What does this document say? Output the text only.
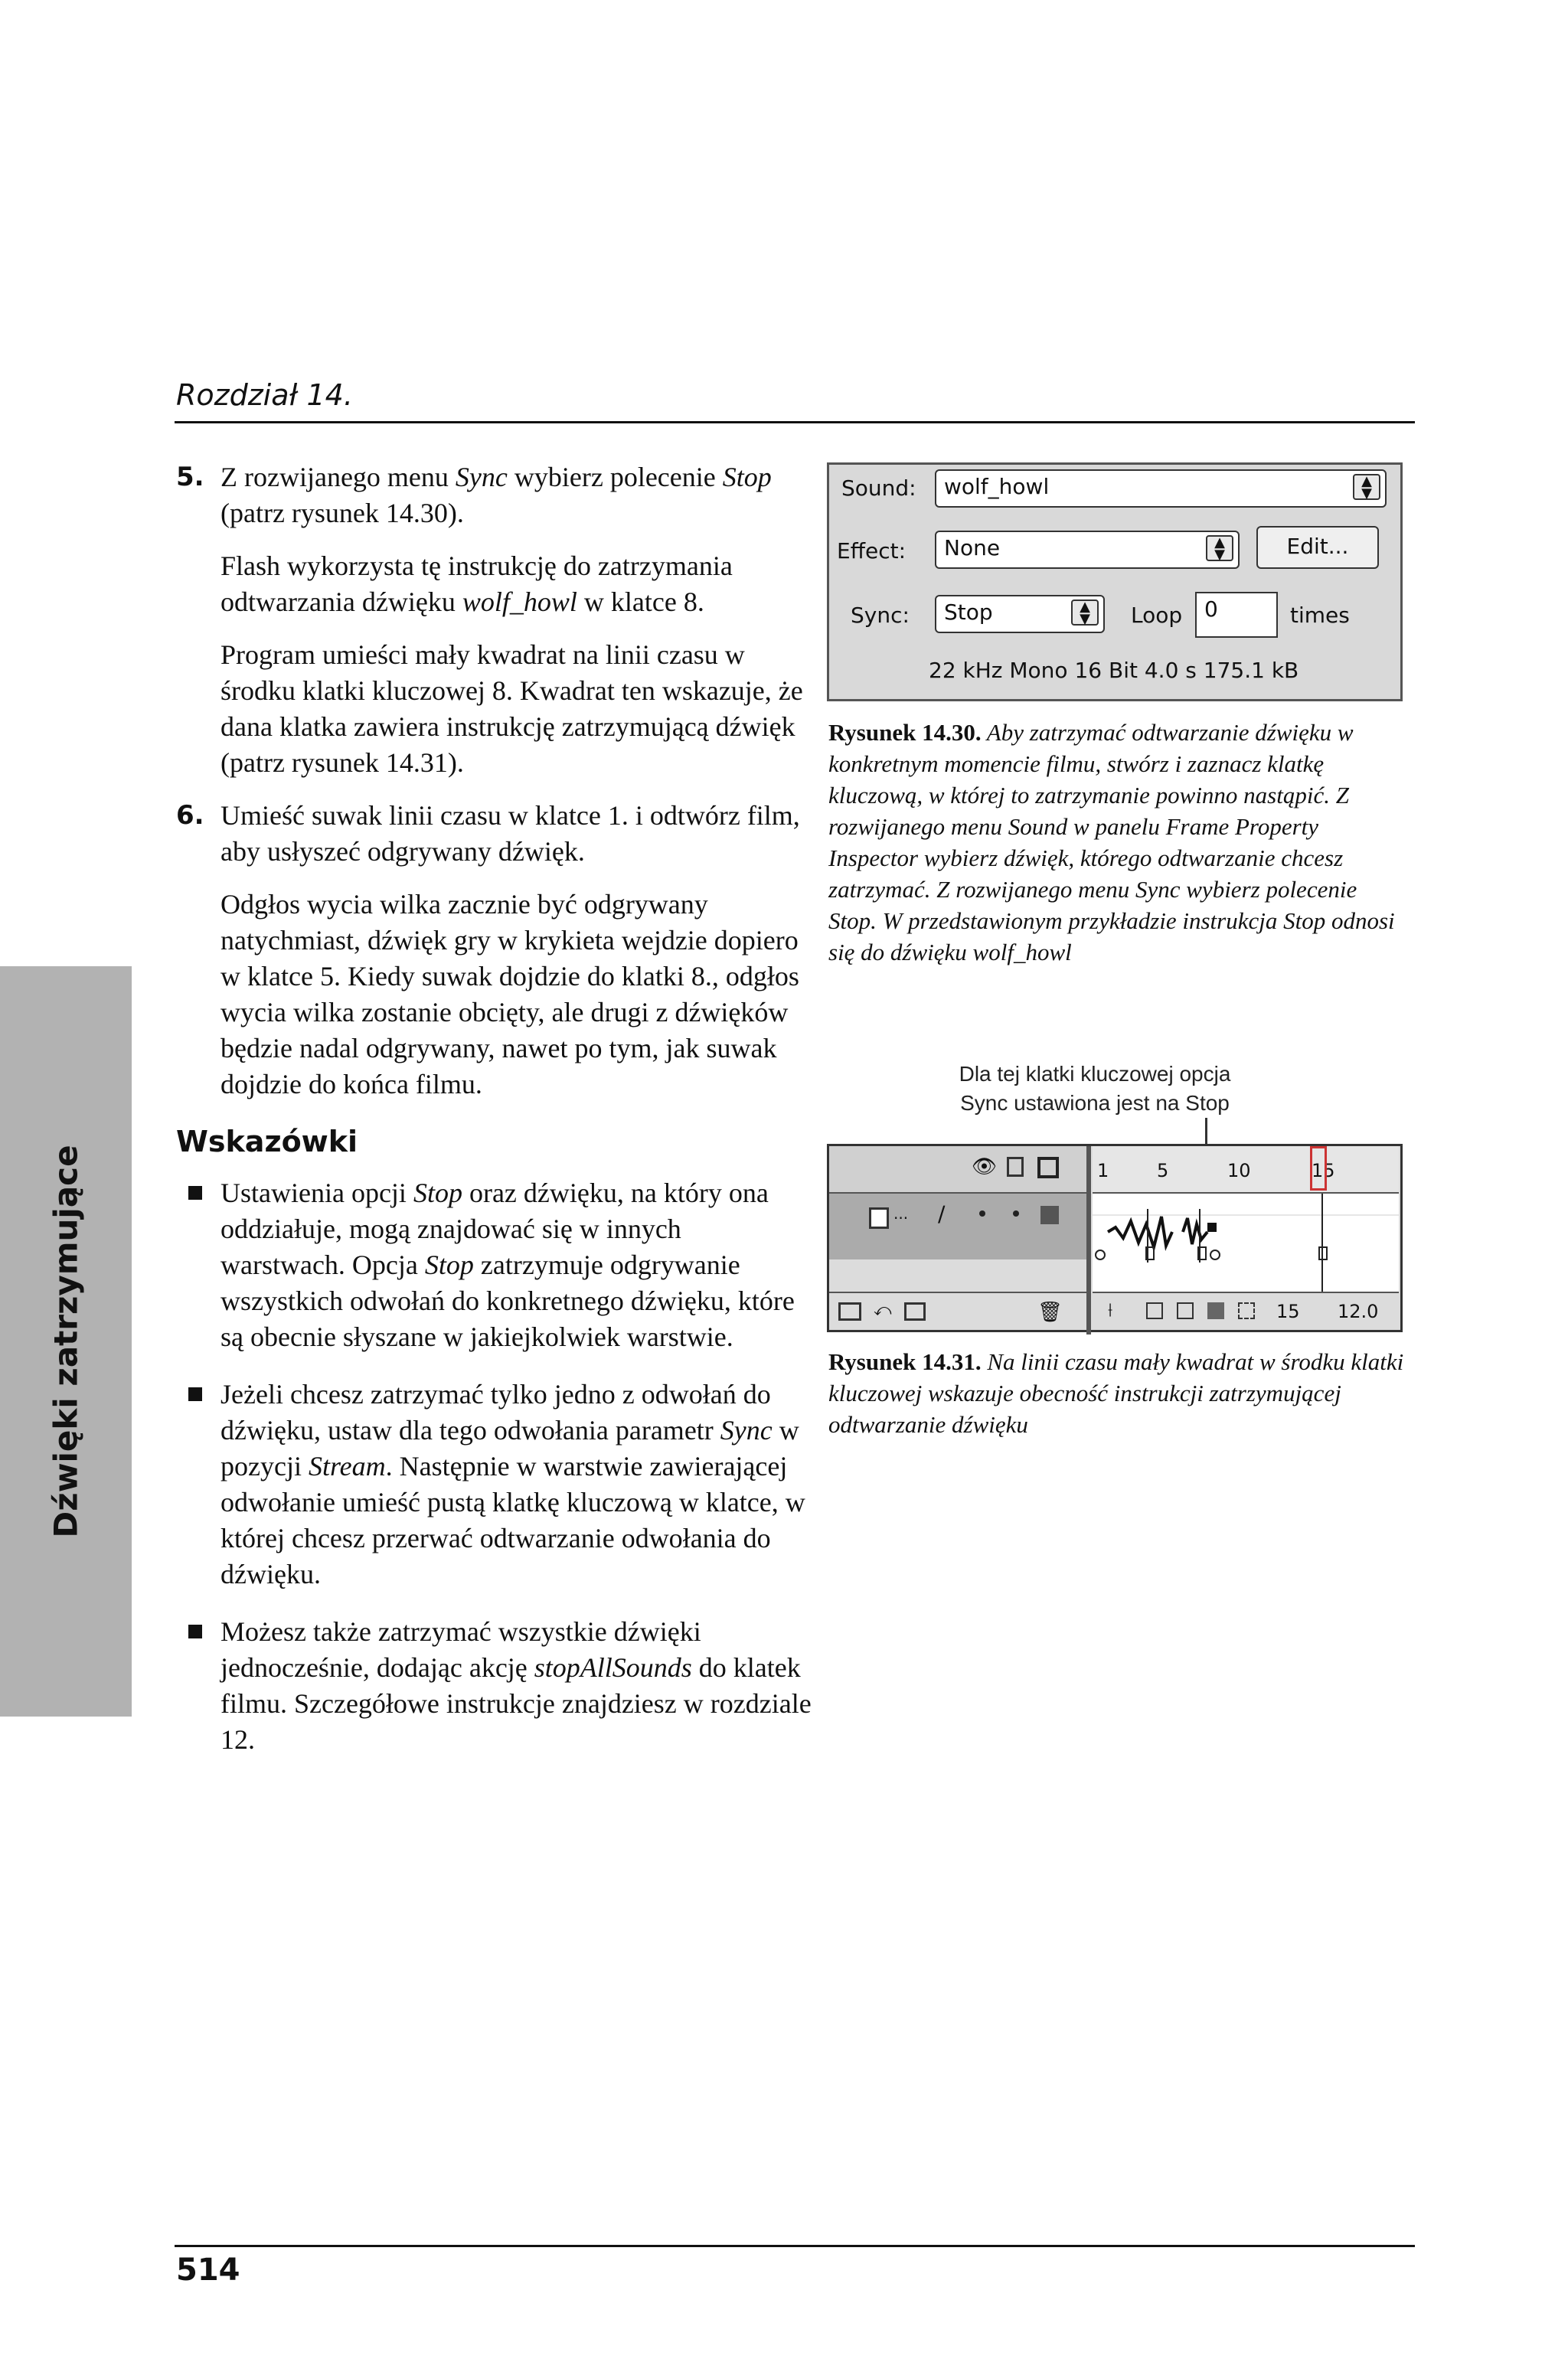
Rozdział 14.
Dźwięki zatrzymujące
5. Z rozwijanego menu Sync wybierz polecenie Stop (patrz rysunek 14.30).

Flash wykorzysta tę instrukcję do zatrzymania odtwarzania dźwięku wolf_howl w klatce 8.

Program umieści mały kwadrat na linii czasu w środku klatki kluczowej 8. Kwadrat ten wskazuje, że dana klatka zawiera instrukcję zatrzymującą dźwięk (patrz rysunek 14.31).

6. Umieść suwak linii czasu w klatce 1. i odtwórz film, aby usłyszeć odgrywany dźwięk.

Odgłos wycia wilka zacznie być odgrywany natychmiast, dźwięk gry w krykieta wejdzie dopiero w klatce 5. Kiedy suwak dojdzie do klatki 8., odgłos wycia wilka zostanie obcięty, ale drugi z dźwięków będzie nadal odgrywany, nawet po tym, jak suwak dojdzie do końca filmu.

Wskazówki
Ustawienia opcji Stop oraz dźwięku, na który ona oddziałuje, mogą znajdować się w innych warstwach. Opcja Stop zatrzymuje odgrywanie wszystkich odwołań do konkretnego dźwięku, które są obecnie słyszane w jakiejkolwiek warstwie.
Jeżeli chcesz zatrzymać tylko jedno z odwołań do dźwięku, ustaw dla tego odwołania parametr Sync w pozycji Stream. Następnie w warstwie zawierającej odwołanie umieść pustą klatkę kluczową w klatce, w której chcesz przerwać odtwarzanie odwołania do dźwięku.
Możesz także zatrzymać wszystkie dźwięki jednocześnie, dodając akcję stopAllSounds do klatek filmu. Szczegółowe instrukcje znajdziesz w rozdziale 12.
Sound:	wolf_howl	▲
▼
Effect:	None	▲
▼	Edit...
Sync:	Stop	▲
▼	Loop	0	times
22 kHz Mono 16 Bit 4.0 s 175.1 kB
Rysunek 14.30. Aby zatrzymać odtwarzanie dźwięku w konkretnym momencie filmu, stwórz i zaznacz klatkę kluczową, w której to zatrzymanie powinno nastąpić. Z rozwijanego menu Sound w panelu Frame Property Inspector wybierz dźwięk, którego odtwarzanie chcesz zatrzymać. Z rozwijanego menu Sync wybierz polecenie Stop. W przedstawionym przykładzie instrukcja Stop odnosi się do dźwięku wolf_howl
Dla tej klatki kluczowej opcja
Sync ustawiona jest na Stop
👁
... ∕
⤺	🗑
1	5	10	15
⟊	15 12.0
Rysunek 14.31. Na linii czasu mały kwadrat w środku klatki kluczowej wskazuje obecność instrukcji zatrzymującej odtwarzanie dźwięku
514
